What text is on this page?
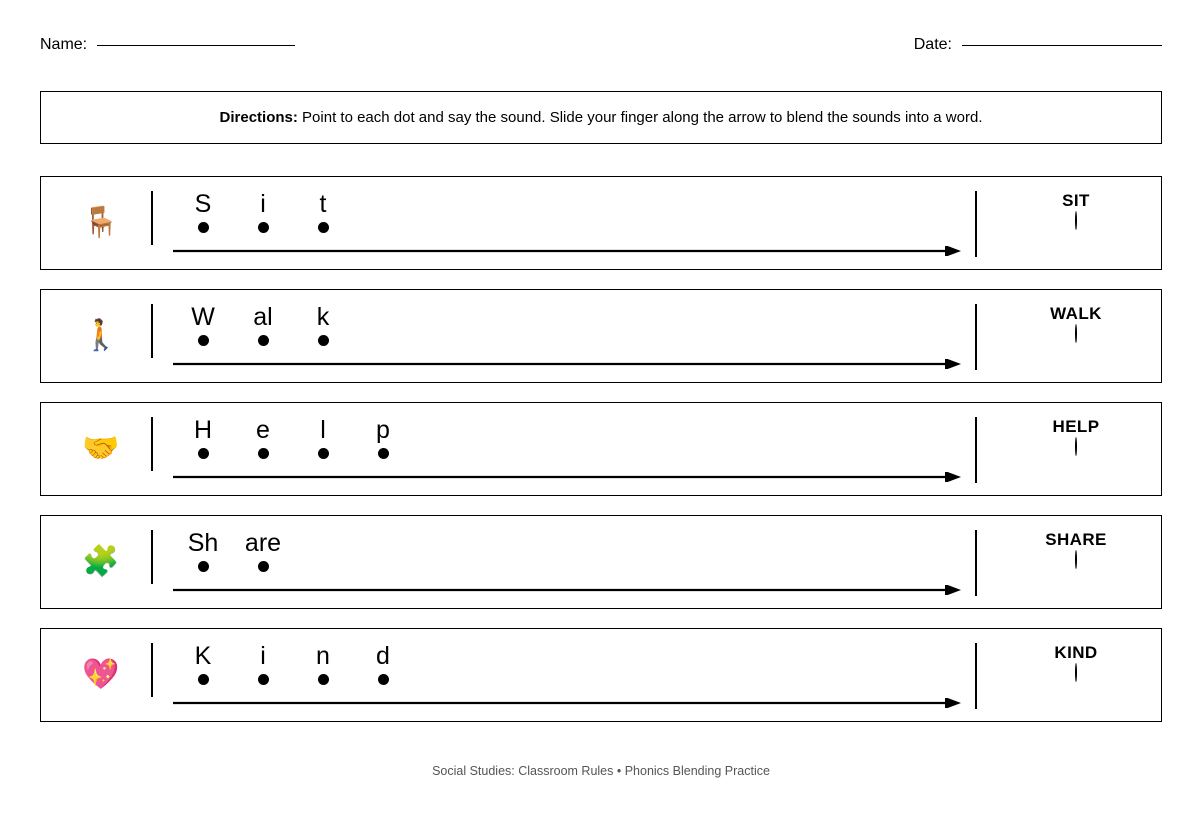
Name:	Date:
Directions: Point to each dot and say the sound. Slide your finger along the arrow to blend the sounds into a word.
🪑
S	i	t	SIT
🚶
W	al	k	WALK
🤝
H	e	l	p	HELP
🧩
Sh	are	SHARE
💖
K	i	n	d	KIND
Social Studies: Classroom Rules • Phonics Blending Practice
